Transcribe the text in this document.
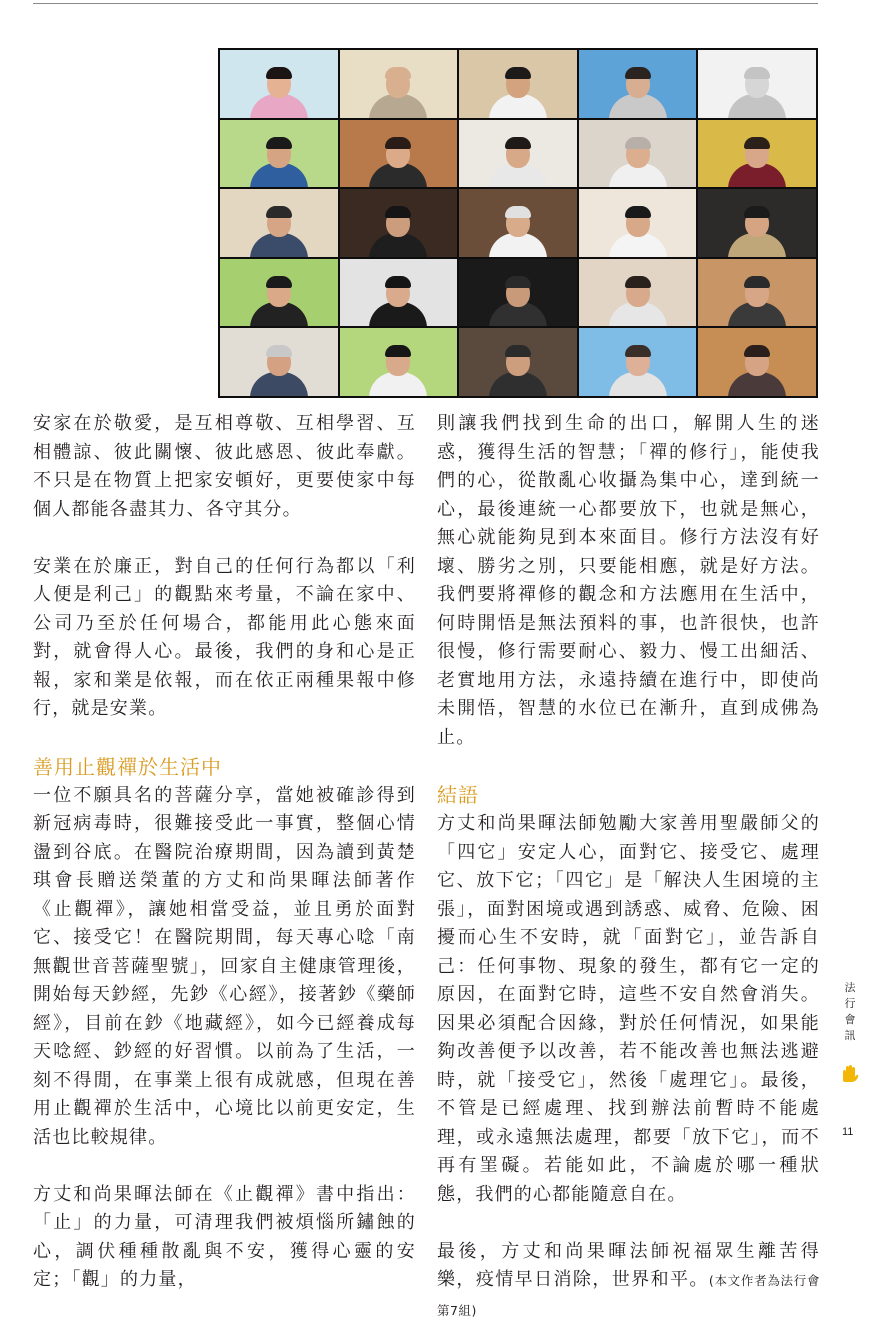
安家在於敬愛，是互相尊敬、互相學習、互相體諒、彼此關懷、彼此感恩、彼此奉獻。不只是在物質上把家安頓好，更要使家中每個人都能各盡其力、各守其分。

安業在於廉正，對自己的任何行為都以「利人便是利己」的觀點來考量，不論在家中、公司乃至於任何場合，都能用此心態來面對，就會得人心。最後，我們的身和心是正報，家和業是依報，而在依正兩種果報中修行，就是安業。

善用止觀禪於生活中

一位不願具名的菩薩分享，當她被確診得到新冠病毒時，很難接受此一事實，整個心情盪到谷底。在醫院治療期間，因為讀到黃楚琪會長贈送榮董的方丈和尚果暉法師著作《止觀禪》，讓她相當受益，並且勇於面對它、接受它！在醫院期間，每天專心唸「南無觀世音菩薩聖號」，回家自主健康管理後，開始每天鈔經，先鈔《心經》，接著鈔《藥師經》，目前在鈔《地藏經》，如今已經養成每天唸經、鈔經的好習慣。以前為了生活，一刻不得閒，在事業上很有成就感，但現在善用止觀禪於生活中，心境比以前更安定，生活也比較規律。

方丈和尚果暉法師在《止觀禪》書中指出：「止」的力量，可清理我們被煩惱所鏽蝕的心，調伏種種散亂與不安，獲得心靈的安定；「觀」的力量，

則讓我們找到生命的出口，解開人生的迷惑，獲得生活的智慧；「禪的修行」，能使我們的心，從散亂心收攝為集中心，達到統一心，最後連統一心都要放下，也就是無心，無心就能夠見到本來面目。修行方法沒有好壞、勝劣之別，只要能相應，就是好方法。我們要將禪修的觀念和方法應用在生活中，何時開悟是無法預料的事，也許很快，也許很慢，修行需要耐心、毅力、慢工出細活、老實地用方法，永遠持續在進行中，即使尚未開悟，智慧的水位已在漸升，直到成佛為止。

結語

方丈和尚果暉法師勉勵大家善用聖嚴師父的「四它」安定人心，面對它、接受它、處理它、放下它；「四它」是「解決人生困境的主張」，面對困境或遇到誘惑、威脅、危險、困擾而心生不安時，就「面對它」，並告訴自己：任何事物、現象的發生，都有它一定的原因，在面對它時，這些不安自然會消失。因果必須配合因緣，對於任何情況，如果能夠改善便予以改善，若不能改善也無法逃避時，就「接受它」，然後「處理它」。最後，不管是已經處理、找到辦法前暫時不能處理，或永遠無法處理，都要「放下它」，而不再有罣礙。若能如此，不論處於哪一種狀態，我們的心都能隨意自在。

最後，方丈和尚果暉法師祝福眾生離苦得樂，疫情早日消除，世界和平。(本文作者為法行會第7組)

法
行
會
訊
11
